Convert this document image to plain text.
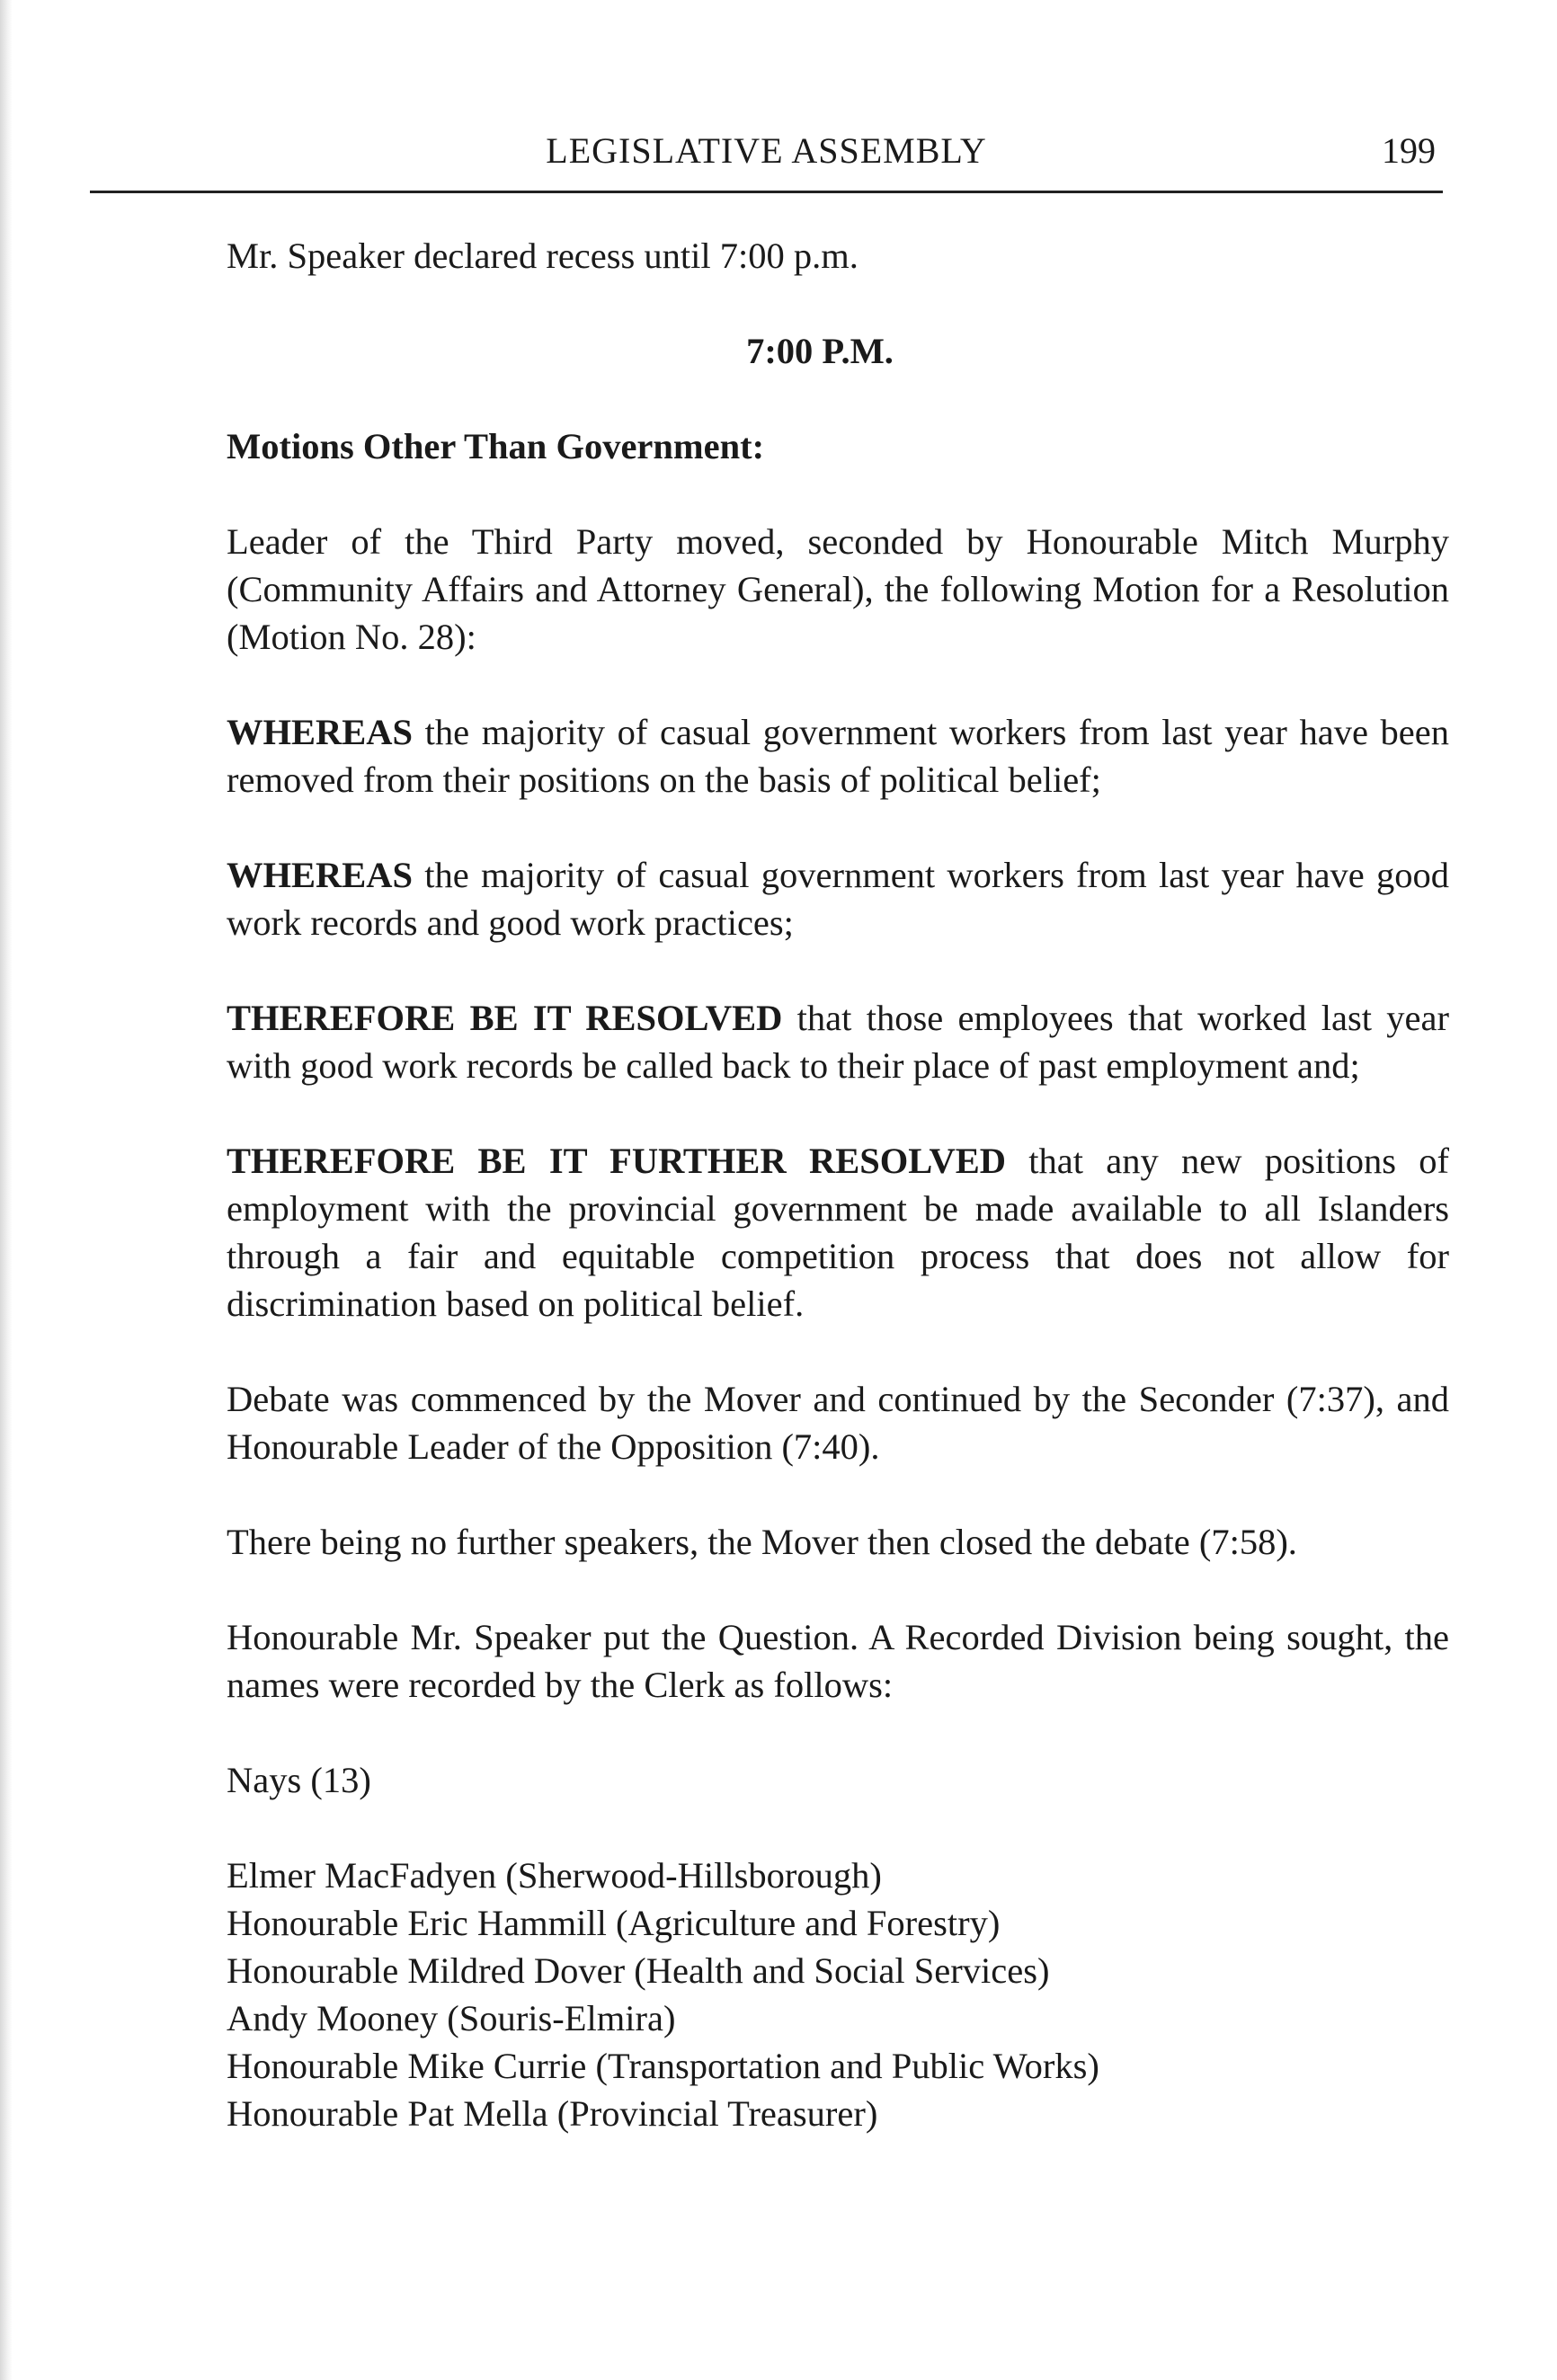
LEGISLATIVE ASSEMBLY	199

Mr. Speaker declared recess until 7:00 p.m.

7:00 P.M.

Motions Other Than Government:

Leader of the Third Party moved, seconded by Honourable Mitch Murphy (Community Affairs and Attorney General), the following Motion for a Resolution (Motion No. 28):

WHEREAS the majority of casual government workers from last year have been removed from their positions on the basis of political belief;

WHEREAS the majority of casual government workers from last year have good work records and good work practices;

THEREFORE BE IT RESOLVED that those employees that worked last year with good work records be called back to their place of past employment and;

THEREFORE BE IT FURTHER RESOLVED that any new positions of employment with the provincial government be made available to all Islanders through a fair and equitable competition process that does not allow for discrimination based on political belief.

Debate was commenced by the Mover and continued by the Seconder (7:37), and Honourable Leader of the Opposition (7:40).

There being no further speakers, the Mover then closed the debate (7:58).

Honourable Mr. Speaker put the Question. A Recorded Division being sought, the names were recorded by the Clerk as follows:

Nays (13)

Elmer MacFadyen (Sherwood-Hillsborough)
Honourable Eric Hammill (Agriculture and Forestry)
Honourable Mildred Dover (Health and Social Services)
Andy Mooney (Souris-Elmira)
Honourable Mike Currie (Transportation and Public Works)
Honourable Pat Mella (Provincial Treasurer)
